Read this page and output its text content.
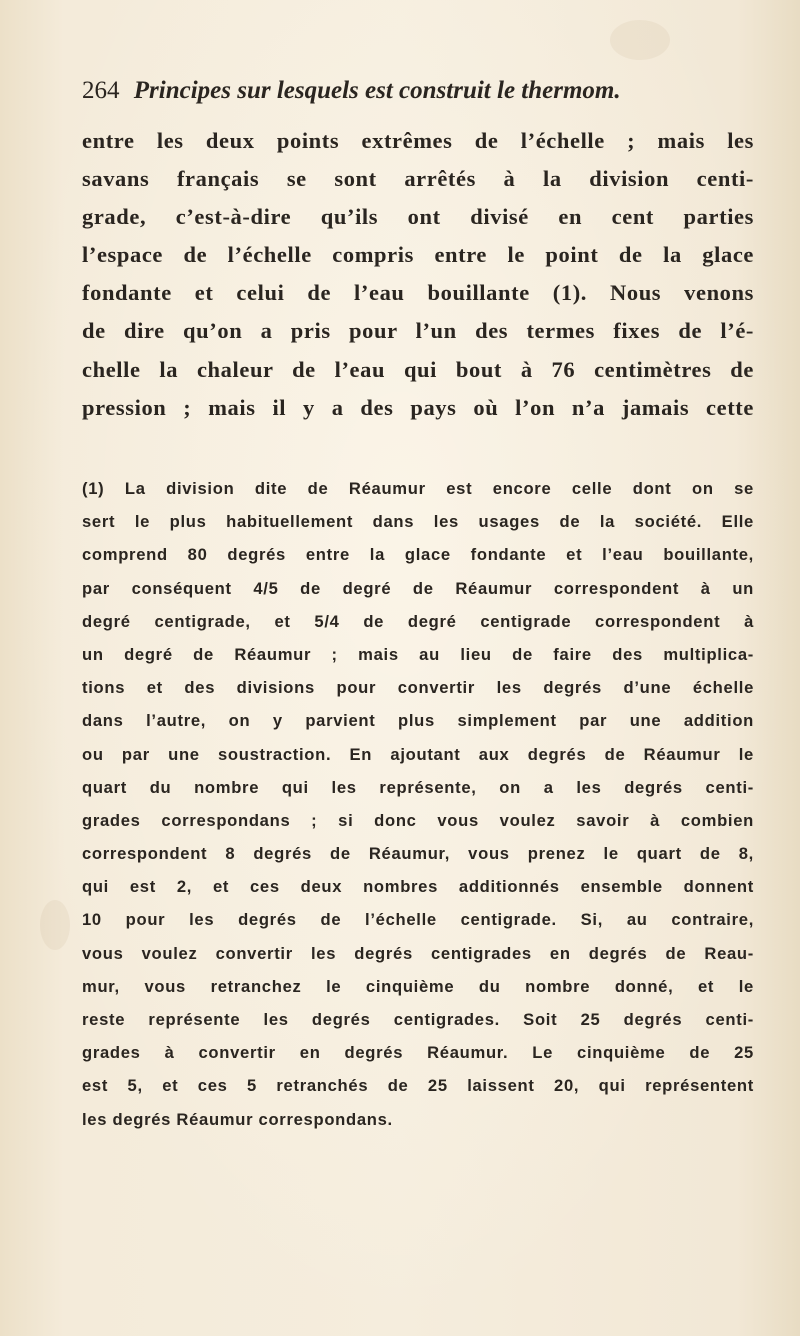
264 Principes sur lesquels est construit le thermom.
entre les deux points extrêmes de l’échelle ; mais les
savans français se sont arrêtés à la division centi-
grade, c’est-à-dire qu’ils ont divisé en cent parties
l’espace de l’échelle compris entre le point de la glace
fondante et celui de l’eau bouillante (1). Nous venons
de dire qu’on a pris pour l’un des termes fixes de l’é-
chelle la chaleur de l’eau qui bout à 76 centimètres de
pression ; mais il y a des pays où l’on n’a jamais cette
(1) La division dite de Réaumur est encore celle dont on se
sert le plus habituellement dans les usages de la société. Elle
comprend 80 degrés entre la glace fondante et l’eau bouillante,
par conséquent 4/5 de degré de Réaumur correspondent à un
degré centigrade, et 5/4 de degré centigrade correspondent à
un degré de Réaumur ; mais au lieu de faire des multiplica-
tions et des divisions pour convertir les degrés d’une échelle
dans l’autre, on y parvient plus simplement par une addition
ou par une soustraction. En ajoutant aux degrés de Réaumur le
quart du nombre qui les représente, on a les degrés centi-
grades correspondans ; si donc vous voulez savoir à combien
correspondent 8 degrés de Réaumur, vous prenez le quart de 8,
qui est 2, et ces deux nombres additionnés ensemble donnent
10 pour les degrés de l’échelle centigrade. Si, au contraire,
vous voulez convertir les degrés centigrades en degrés de Reau-
mur, vous retranchez le cinquième du nombre donné, et le
reste représente les degrés centigrades. Soit 25 degrés centi-
grades à convertir en degrés Réaumur. Le cinquième de 25
est 5, et ces 5 retranchés de 25 laissent 20, qui représentent
les degrés Réaumur correspondans.
